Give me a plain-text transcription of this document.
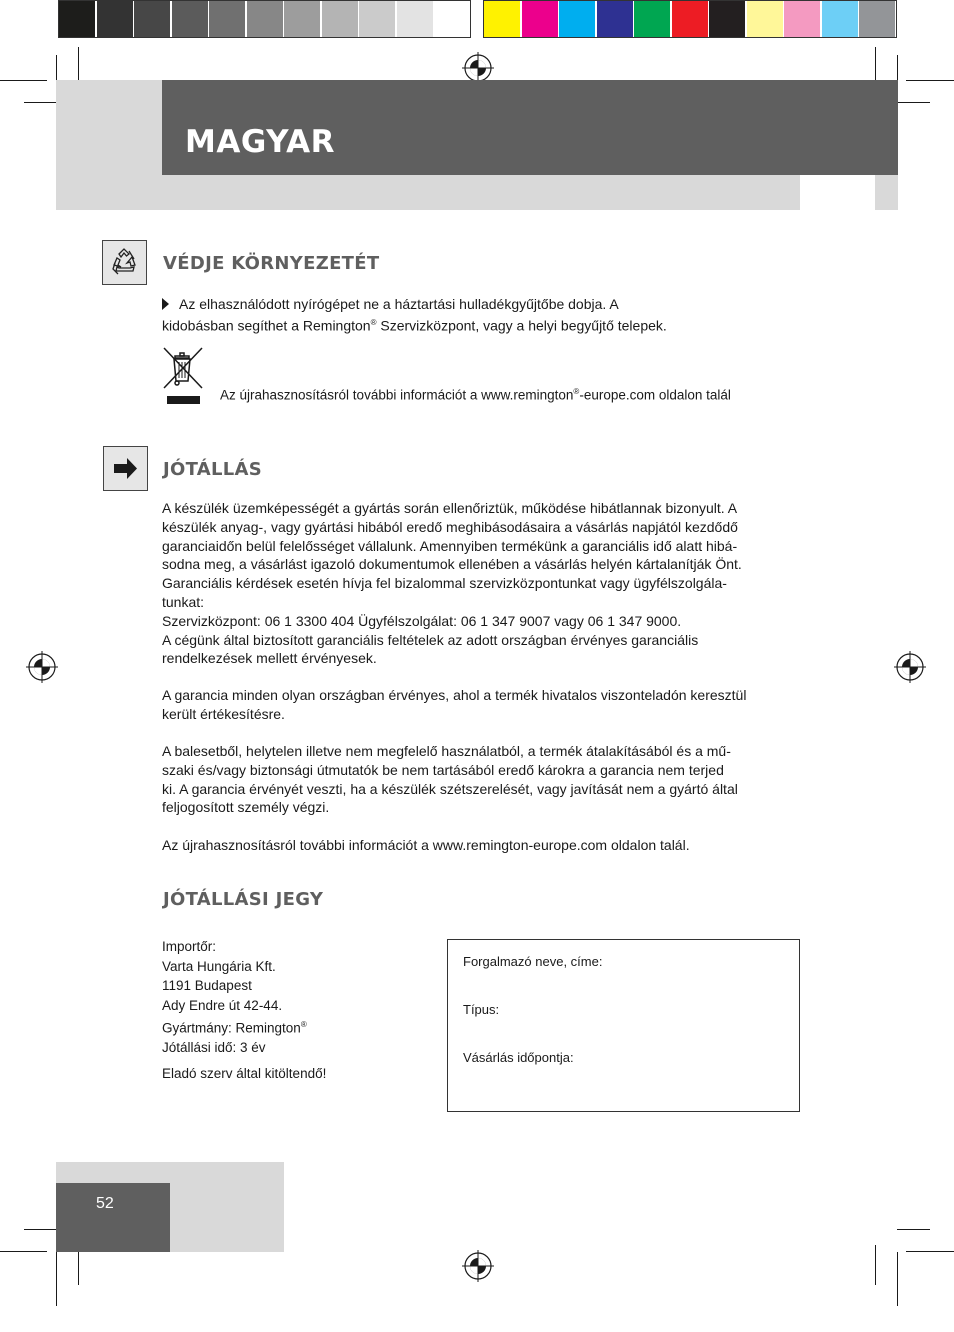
MAGYAR
VÉDJE KÖRNYEZETÉT
Az elhasználódott nyírógépet ne a háztartási hulladékgyűjtőbe dobja. A
kidobásban segíthet a Remington® Szervizközpont, vagy a helyi begyűjtő telepek.
Az újrahasznosításról további információt a www.remington®-europe.com oldalon talál
JÓTÁLLÁS
A készülék üzemképességét a gyártás során ellenőriztük, működése hibátlannak bizonyult. A
készülék anyag-, vagy gyártási hibából eredő meghibásodásaira a vásárlás napjától kezdődő
garanciaidőn belül felelősséget vállalunk. Amennyiben termékünk a garanciális idő alatt hibá-
sodna meg, a vásárlást igazoló dokumentumok ellenében a vásárlás helyén kártalanítják Önt.
Garanciális kérdések esetén hívja fel bizalommal szervizközpontunkat vagy ügyfélszolgála-
tunkat:
Szervizközpont: 06 1 3300 404 Ügyfélszolgálat: 06 1 347 9007 vagy 06 1 347 9000.
A cégünk által biztosított garanciális feltételek az adott országban érvényes garanciális
rendelkezések mellett érvényesek.
A garancia minden olyan országban érvényes, ahol a termék hivatalos viszonteladón keresztül
került értékesítésre.
A balesetből, helytelen illetve nem megfelelő használatból, a termék átalakításából és a mű-
szaki és/vagy biztonsági útmutatók be nem tartásából eredő károkra a garancia nem terjed
ki. A garancia érvényét veszti, ha a készülék szétszerelését, vagy javítását nem a gyártó által
feljogosított személy végzi.
Az újrahasznosításról további információt a www.remington-europe.com oldalon talál.
JÓTÁLLÁSI JEGY
Importőr:
Varta Hungária Kft.
1191 Budapest
Ady Endre út 42-44.
Gyártmány: Remington®
Jótállási idő: 3 év
Eladó szerv által kitöltendő!
Forgalmazó neve, címe:
Típus:
Vásárlás időpontja:
52
